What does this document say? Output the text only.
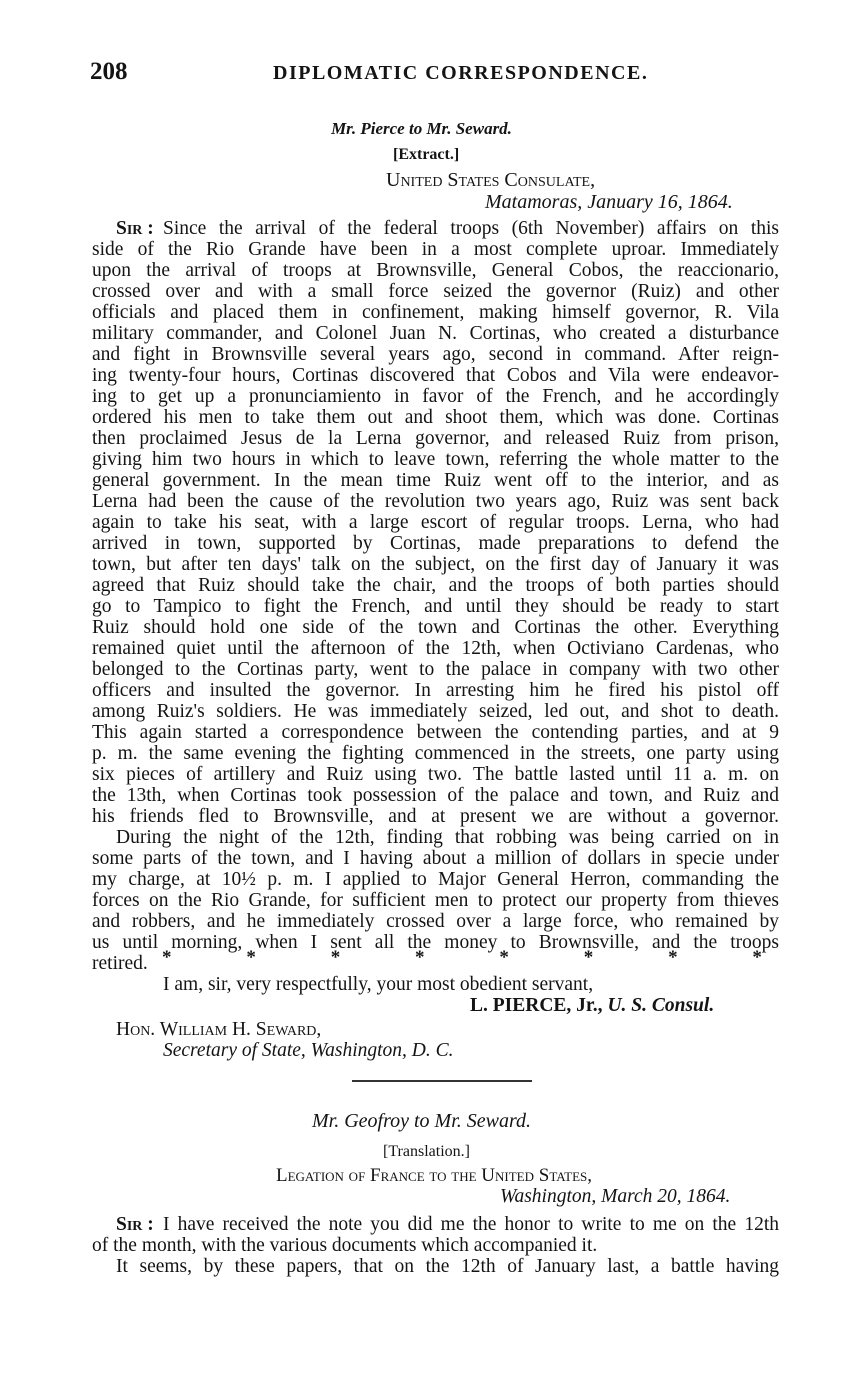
208	DIPLOMATIC CORRESPONDENCE.
Mr. Pierce to Mr. Seward.
[Extract.]
United States Consulate,
Matamoras, January 16, 1864.
Sir : Since the arrival of the federal troops (6th November) affairs on this
side of the Rio Grande have been in a most complete uproar. Immediately
upon the arrival of troops at Brownsville, General Cobos, the reaccionario,
crossed over and with a small force seized the governor (Ruiz) and other
officials and placed them in confinement, making himself governor, R. Vila
military commander, and Colonel Juan N. Cortinas, who created a disturbance
and fight in Brownsville several years ago, second in command. After reign-
ing twenty-four hours, Cortinas discovered that Cobos and Vila were endeavor-
ing to get up a pronunciamiento in favor of the French, and he accordingly
ordered his men to take them out and shoot them, which was done. Cortinas
then proclaimed Jesus de la Lerna governor, and released Ruiz from prison,
giving him two hours in which to leave town, referring the whole matter to the
general government. In the mean time Ruiz went off to the interior, and as
Lerna had been the cause of the revolution two years ago, Ruiz was sent back
again to take his seat, with a large escort of regular troops. Lerna, who had
arrived in town, supported by Cortinas, made preparations to defend the
town, but after ten days' talk on the subject, on the first day of January it was
agreed that Ruiz should take the chair, and the troops of both parties should
go to Tampico to fight the French, and until they should be ready to start
Ruiz should hold one side of the town and Cortinas the other. Everything
remained quiet until the afternoon of the 12th, when Octiviano Cardenas, who
belonged to the Cortinas party, went to the palace in company with two other
officers and insulted the governor. In arresting him he fired his pistol off
among Ruiz's soldiers. He was immediately seized, led out, and shot to death.
This again started a correspondence between the contending parties, and at 9
p. m. the same evening the fighting commenced in the streets, one party using
six pieces of artillery and Ruiz using two. The battle lasted until 11 a. m. on
the 13th, when Cortinas took possession of the palace and town, and Ruiz and
his friends fled to Brownsville, and at present we are without a governor.
During the night of the 12th, finding that robbing was being carried on in
some parts of the town, and I having about a million of dollars in specie under
my charge, at 10½ p. m. I applied to Major General Herron, commanding the
forces on the Rio Grande, for sufficient men to protect our property from thieves
and robbers, and he immediately crossed over a large force, who remained by
us until morning, when I sent all the money to Brownsville, and the troops
retired. *	*	*	*	*	*	*	*
I am, sir, very respectfully, your most obedient servant,
L. PIERCE, Jr., U. S. Consul.
Hon. William H. Seward,
Secretary of State, Washington, D. C.
Mr. Geofroy to Mr. Seward.
[Translation.]
Legation of France to the United States,
Washington, March 20, 1864.
Sir : I have received the note you did me the honor to write to me on the 12th
of the month, with the various documents which accompanied it.
It seems, by these papers, that on the 12th of January last, a battle having
